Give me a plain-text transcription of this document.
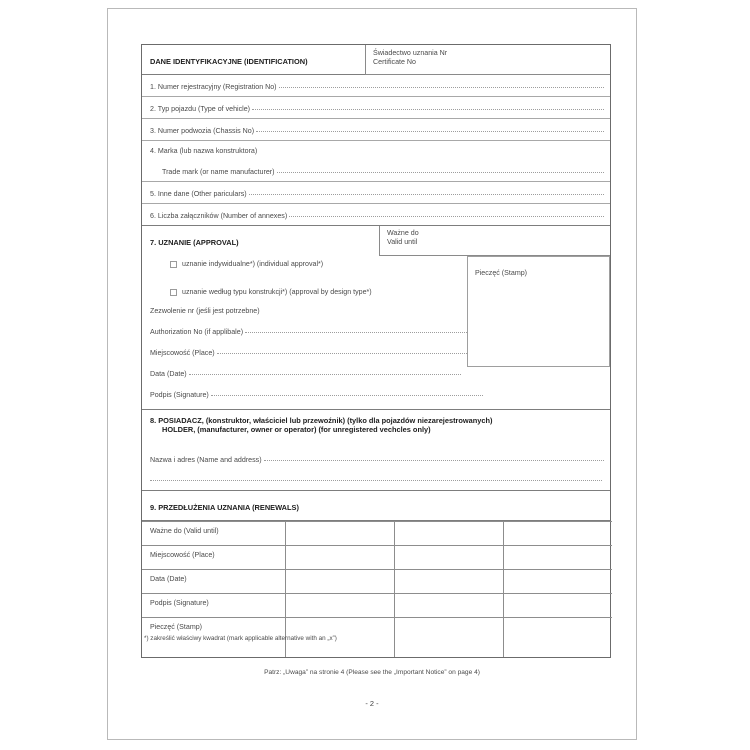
DANE IDENTYFIKACYJNE (IDENTIFICATION)
Świadectwo uznania Nr
Certificate No
1. Numer rejestracyjny (Registration No)
2. Typ pojazdu (Type of vehicle)
3. Numer podwozia (Chassis No)
4. Marka (lub nazwa konstruktora)
Trade mark (or name manufacturer)
5. Inne dane (Other pariculars)
6. Liczba załączników (Number of annexes)
7. UZNANIE (APPROVAL)
Ważne do
Valid until
uznanie indywidualne*) (individual approval*)
uznanie według typu konstrukcji*) (approval by design type*)
Zezwolenie nr (jeśli jest potrzebne)
Authorization No (if applibale)
Miejscowość (Place)
Data (Date)
Podpis (Signature)
Pieczęć (Stamp)
8. POSIADACZ, (konstruktor, właściciel lub przewoźnik) (tylko dla pojazdów niezarejestrowanych)
HOLDER, (manufacturer, owner or operator) (for unregistered vechcles only)
Nazwa i adres (Name and address)
9. PRZEDŁUŻENIA UZNANIA (RENEWALS)
Ważne do (Valid until)			
Miejscowość (Place)			
Data (Date)			
Podpis (Signature)			
Pieczęć (Stamp)			
*) zakreślić właściwy kwadrat (mark applicable alternative with an „x”)
Patrz: „Uwaga” na stronie 4 (Please see the „Important Notice” on page 4)
- 2 -
